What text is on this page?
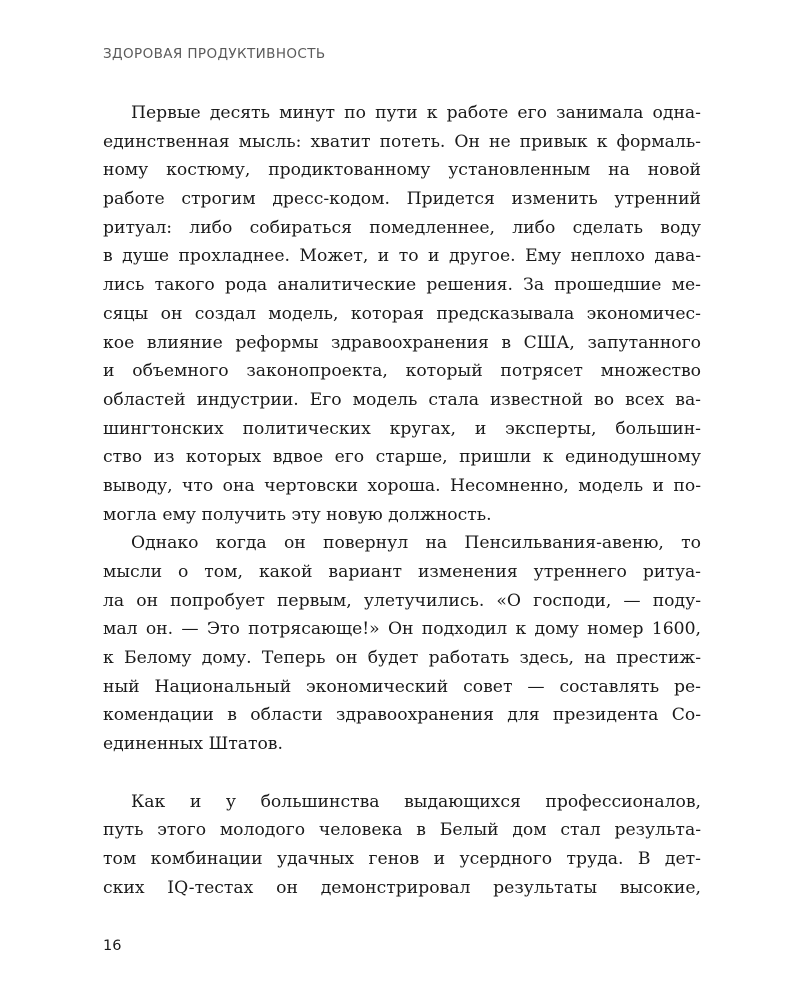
ЗДОРОВАЯ ПРОДУКТИВНОСТЬ
Первые десять минут по пути к работе его занимала одна-
единственная мысль: хватит потеть. Он не привык к формаль-
ному костюму, продиктованному установленным на новой
работе строгим дресс-кодом. Придется изменить утренний
ритуал: либо собираться помедленнее, либо сделать воду
в душе прохладнее. Может, и то и другое. Ему неплохо дава-
лись такого рода аналитические решения. За прошедшие ме-
сяцы он создал модель, которая предсказывала экономичес-
кое влияние реформы здравоохранения в США, запутанного
и объемного законопроекта, который потрясет множество
областей индустрии. Его модель стала известной во всех ва-
шингтонских политических кругах, и эксперты, большин-
ство из которых вдвое его старше, пришли к единодушному
выводу, что она чертовски хороша. Несомненно, модель и по-
могла ему получить эту новую должность.
Однако когда он повернул на Пенсильвания-авеню, то
мысли о том, какой вариант изменения утреннего ритуа-
ла он попробует первым, улетучились. «О господи, — поду-
мал он. — Это потрясающе!» Он подходил к дому номер 1600,
к Белому дому. Теперь он будет работать здесь, на престиж-
ный Национальный экономический совет — составлять ре-
комендации в области здравоохранения для президента Со-
единенных Штатов.
Как и у большинства выдающихся профессионалов,
путь этого молодого человека в Белый дом стал результа-
том комбинации удачных генов и усердного труда. В дет-
ских IQ-тестах он демонстрировал результаты высокие,
16
